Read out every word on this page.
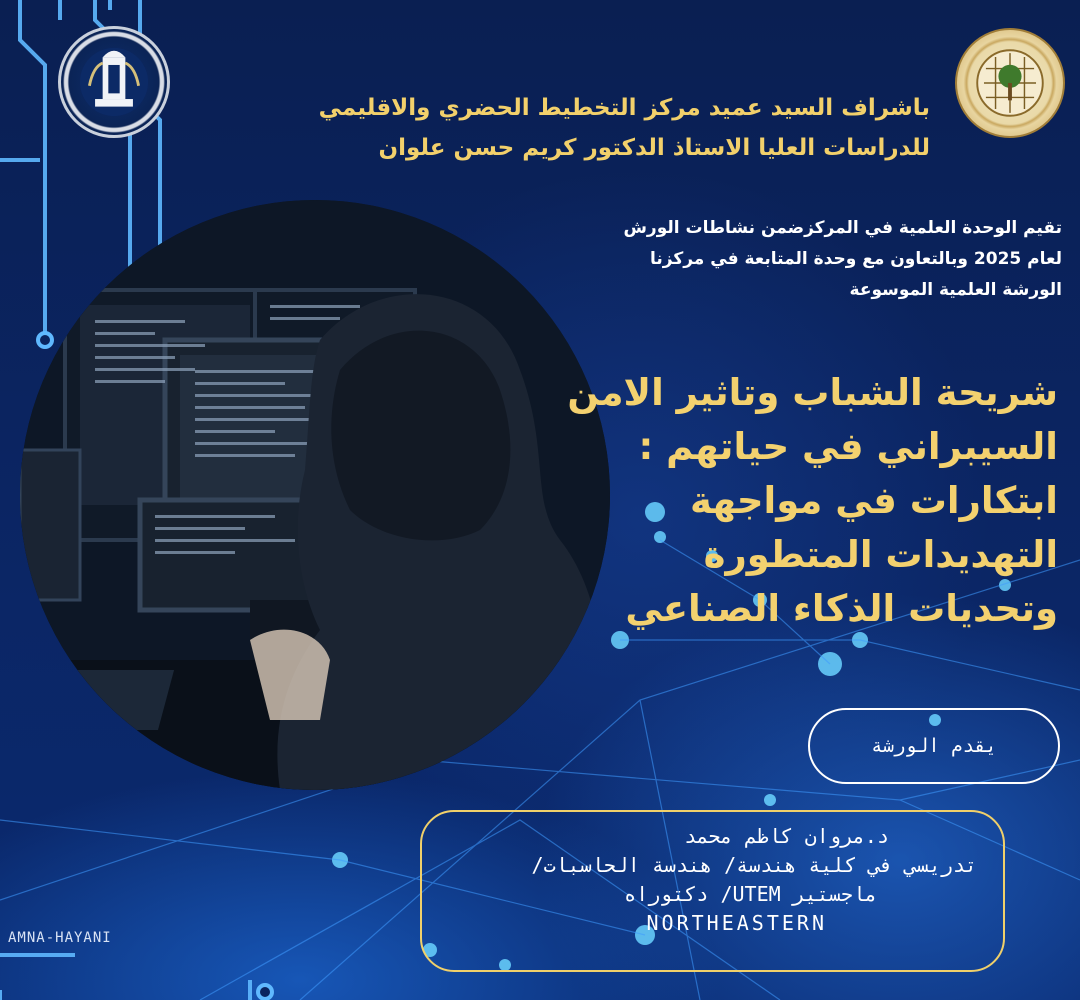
باشراف السيد عميد مركز التخطيط الحضري والاقليمي
للدراسات العليا الاستاذ الدكتور كريم حسن علوان
تقيم الوحدة العلمية في المركزضمن نشاطات الورش
لعام 2025 وبالتعاون مع وحدة المتابعة في مركزنا
الورشة العلمية الموسوعة
شريحة الشباب وتاثير الامن
السيبراني في حياتهم :
ابتكارات في مواجهة
التهديدات المتطورة
وتحديات الذكاء الصناعي
يقدم الورشة
د.مروان كاظم محمد
تدريسي في كلية هندسة/ هندسة الحاسبات/
ماجستير UTEM/ دكتوراه
NORTHEASTERN
AMNA-HAYANI
